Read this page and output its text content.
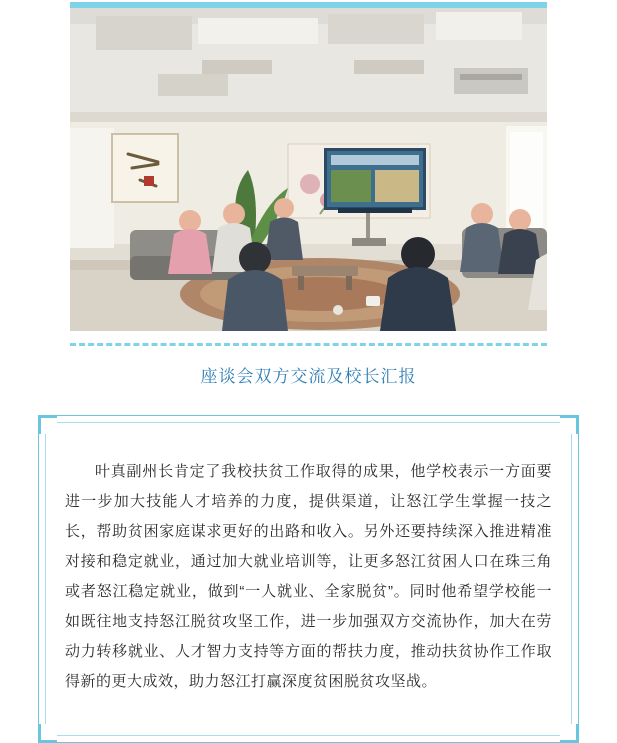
座谈会双方交流及校长汇报

叶真副州长肯定了我校扶贫工作取得的成果，他学校表示一方面要进一步加大技能人才培养的力度，提供渠道，让怒江学生掌握一技之长，帮助贫困家庭谋求更好的出路和收入。另外还要持续深入推进精准对接和稳定就业，通过加大就业培训等，让更多怒江贫困人口在珠三角或者怒江稳定就业，做到“一人就业、全家脱贫”。同时他希望学校能一如既往地支持怒江脱贫攻坚工作，进一步加强双方交流协作，加大在劳动力转移就业、人才智力支持等方面的帮扶力度，推动扶贫协作工作取得新的更大成效，助力怒江打赢深度贫困脱贫攻坚战。
